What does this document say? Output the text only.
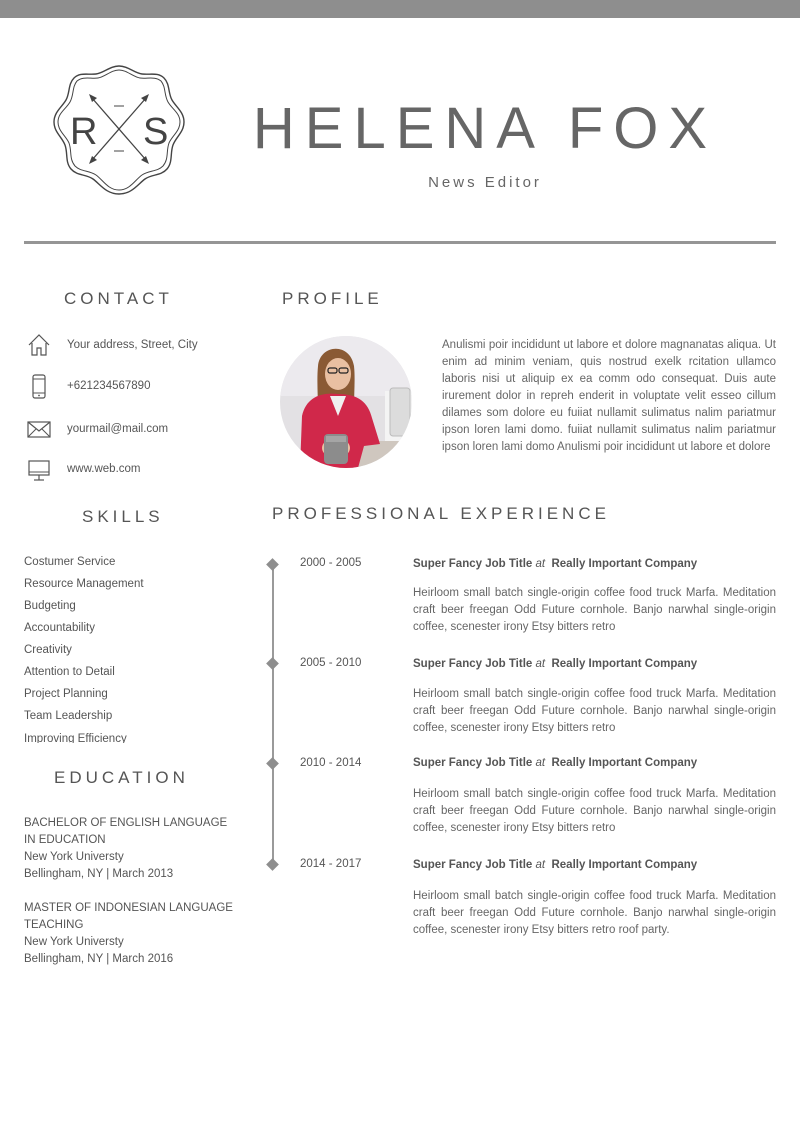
R S HELENA FOX
News Editor
CONTACT
Your address, Street, City
+621234567890
yourmail@mail.com
www.web.com
SKILLS
Costumer Service
Resource Management
Budgeting
Accountability
Creativity
Attention to Detail
Project Planning
Team Leadership
Improving Efficiency
EDUCATION
BACHELOR OF ENGLISH LANGUAGE IN EDUCATION
New York Universty
Bellingham, NY | March 2013
MASTER OF INDONESIAN LANGUAGE TEACHING
New York Universty
Bellingham, NY | March 2016
PROFILE
Anulismi poir incididunt ut labore et dolore magnanatas aliqua. Ut enim ad minim veniam, quis nostrud exelk rcitation ullamco laboris nisi ut aliquip ex ea comm odo consequat. Duis aute irurement dolor in repreh enderit in voluptate velit esseo cillum dilames som dolore eu fuiiat nullamit sulimatus nalim pariatmur ipson loren lami domo. fuiiat nullamit sulimatus nalim pariatmur ipson loren lami domo Anulismi poir incididunt ut labore et dolore
PROFESSIONAL EXPERIENCE
2000 - 2005	Super Fancy Job Title at Really Important Company
Heirloom small batch single-origin coffee food truck Marfa. Meditation craft beer freegan Odd Future cornhole. Banjo narwhal single-origin coffee, scenester irony Etsy bitters retro
2005 - 2010	Super Fancy Job Title at Really Important Company
Heirloom small batch single-origin coffee food truck Marfa. Meditation craft beer freegan Odd Future cornhole. Banjo narwhal single-origin coffee, scenester irony Etsy bitters retro
2010 - 2014	Super Fancy Job Title at Really Important Company
Heirloom small batch single-origin coffee food truck Marfa. Meditation craft beer freegan Odd Future cornhole. Banjo narwhal single-origin coffee, scenester irony Etsy bitters retro
2014 - 2017	Super Fancy Job Title at Really Important Company
Heirloom small batch single-origin coffee food truck Marfa. Meditation craft beer freegan Odd Future cornhole. Banjo narwhal single-origin coffee, scenester irony Etsy bitters retro roof party.
